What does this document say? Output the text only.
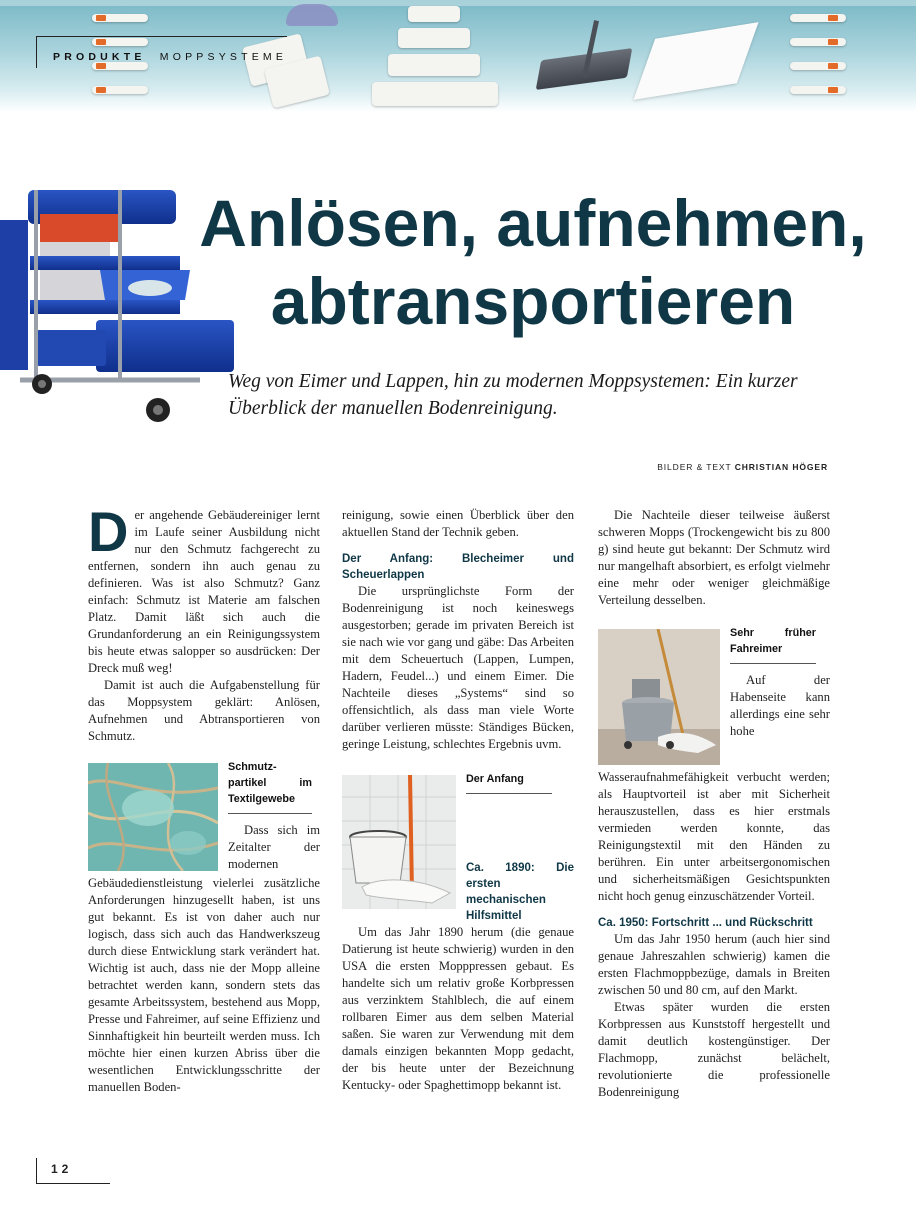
PRODUKTE MOPPSYSTEME
Anlösen, aufnehmen,
abtransportieren

Weg von Eimer und Lappen, hin zu modernen Moppsystemen: Ein kurzer Überblick der manuellen Bodenreinigung.

BILDER & TEXT CHRISTIAN HÖGER
D er angehende Gebäudereiniger lernt im Laufe seiner Ausbildung nicht nur den Schmutz fachgerecht zu entfernen, sondern ihn auch genau zu definieren. Was ist also Schmutz? Ganz einfach: Schmutz ist Materie am falschen Platz. Damit läßt sich auch die Grundanforderung an ein Reinigungssystem bis heute etwas salopper so ausdrücken: Der Dreck muß weg!

Damit ist auch die Aufgabenstellung für das Moppsystem geklärt: Anlösen, Aufnehmen und Abtransportieren von Schmutz.

Schmutz-partikel im Textilgewebe

Dass sich im Zeitalter der modernen Gebäudedienstleistung vielerlei zusätzliche Anforderungen hinzugesellt haben, ist uns gut bekannt. Es ist von daher auch nur logisch, dass sich auch das Handwerkszeug durch diese Entwicklung stark verändert hat. Wichtig ist auch, dass nie der Mopp alleine betrachtet werden kann, sondern stets das gesamte Arbeitssystem, bestehend aus Mopp, Presse und Fahreimer, auf seine Effizienz und Sinnhaftigkeit hin beurteilt werden muss. Ich möchte hier einen kurzen Abriss über die wesentlichen Entwicklungsschritte der manuellen Boden-

reinigung, sowie einen Überblick über den aktuellen Stand der Technik geben.

Der Anfang: Blecheimer und Scheuerlappen

Die ursprünglichste Form der Bodenreinigung ist noch keineswegs ausgestorben; gerade im privaten Bereich ist sie nach wie vor gang und gäbe: Das Arbeiten mit dem Scheuertuch (Lappen, Lumpen, Hadern, Feudel...) und einem Eimer. Die Nachteile dieses „Systems“ sind so offensichtlich, als dass man viele Worte darüber verlieren müsste: Ständiges Bücken, geringe Leistung, schlechtes Ergebnis uvm.

Der Anfang
Ca. 1890: Die ersten mechanischen Hilfsmittel

Um das Jahr 1890 herum (die genaue Datierung ist heute schwierig) wurden in den USA die ersten Mopppressen gebaut. Es handelte sich um relativ große Korbpressen aus verzinktem Stahlblech, die auf einem rollbaren Eimer aus dem selben Material saßen. Sie waren zur Verwendung mit dem damals einzigen bekannten Mopp gedacht, der bis heute unter der Bezeichnung Kentucky- oder Spaghettimopp bekannt ist.

Die Nachteile dieser teilweise äußerst schweren Mopps (Trockengewicht bis zu 800 g) sind heute gut bekannt: Der Schmutz wird nur mangelhaft absorbiert, es erfolgt vielmehr eine mehr oder weniger gleichmäßige Verteilung desselben.

Sehr früher Fahreimer

Auf der Habenseite kann allerdings eine sehr hohe Wasseraufnahmefähigkeit verbucht werden; als Hauptvorteil ist aber mit Sicherheit herauszustellen, dass es hier erstmals vermieden werden konnte, das Reinigungstextil mit den Händen zu berühren. Ein unter arbeitsergonomischen und sicherheitsmäßigen Gesichtspunkten nicht hoch genug einzuschätzender Vorteil.

Ca. 1950: Fortschritt ... und Rückschritt

Um das Jahr 1950 herum (auch hier sind genaue Jahreszahlen schwierig) kamen die ersten Flachmoppbezüge, damals in Breiten zwischen 50 und 80 cm, auf den Markt.

Etwas später wurden die ersten Korbpressen aus Kunststoff hergestellt und damit deutlich kostengünstiger. Der Flachmopp, zunächst belächelt, revolutionierte die professionelle Bodenreinigung

12
